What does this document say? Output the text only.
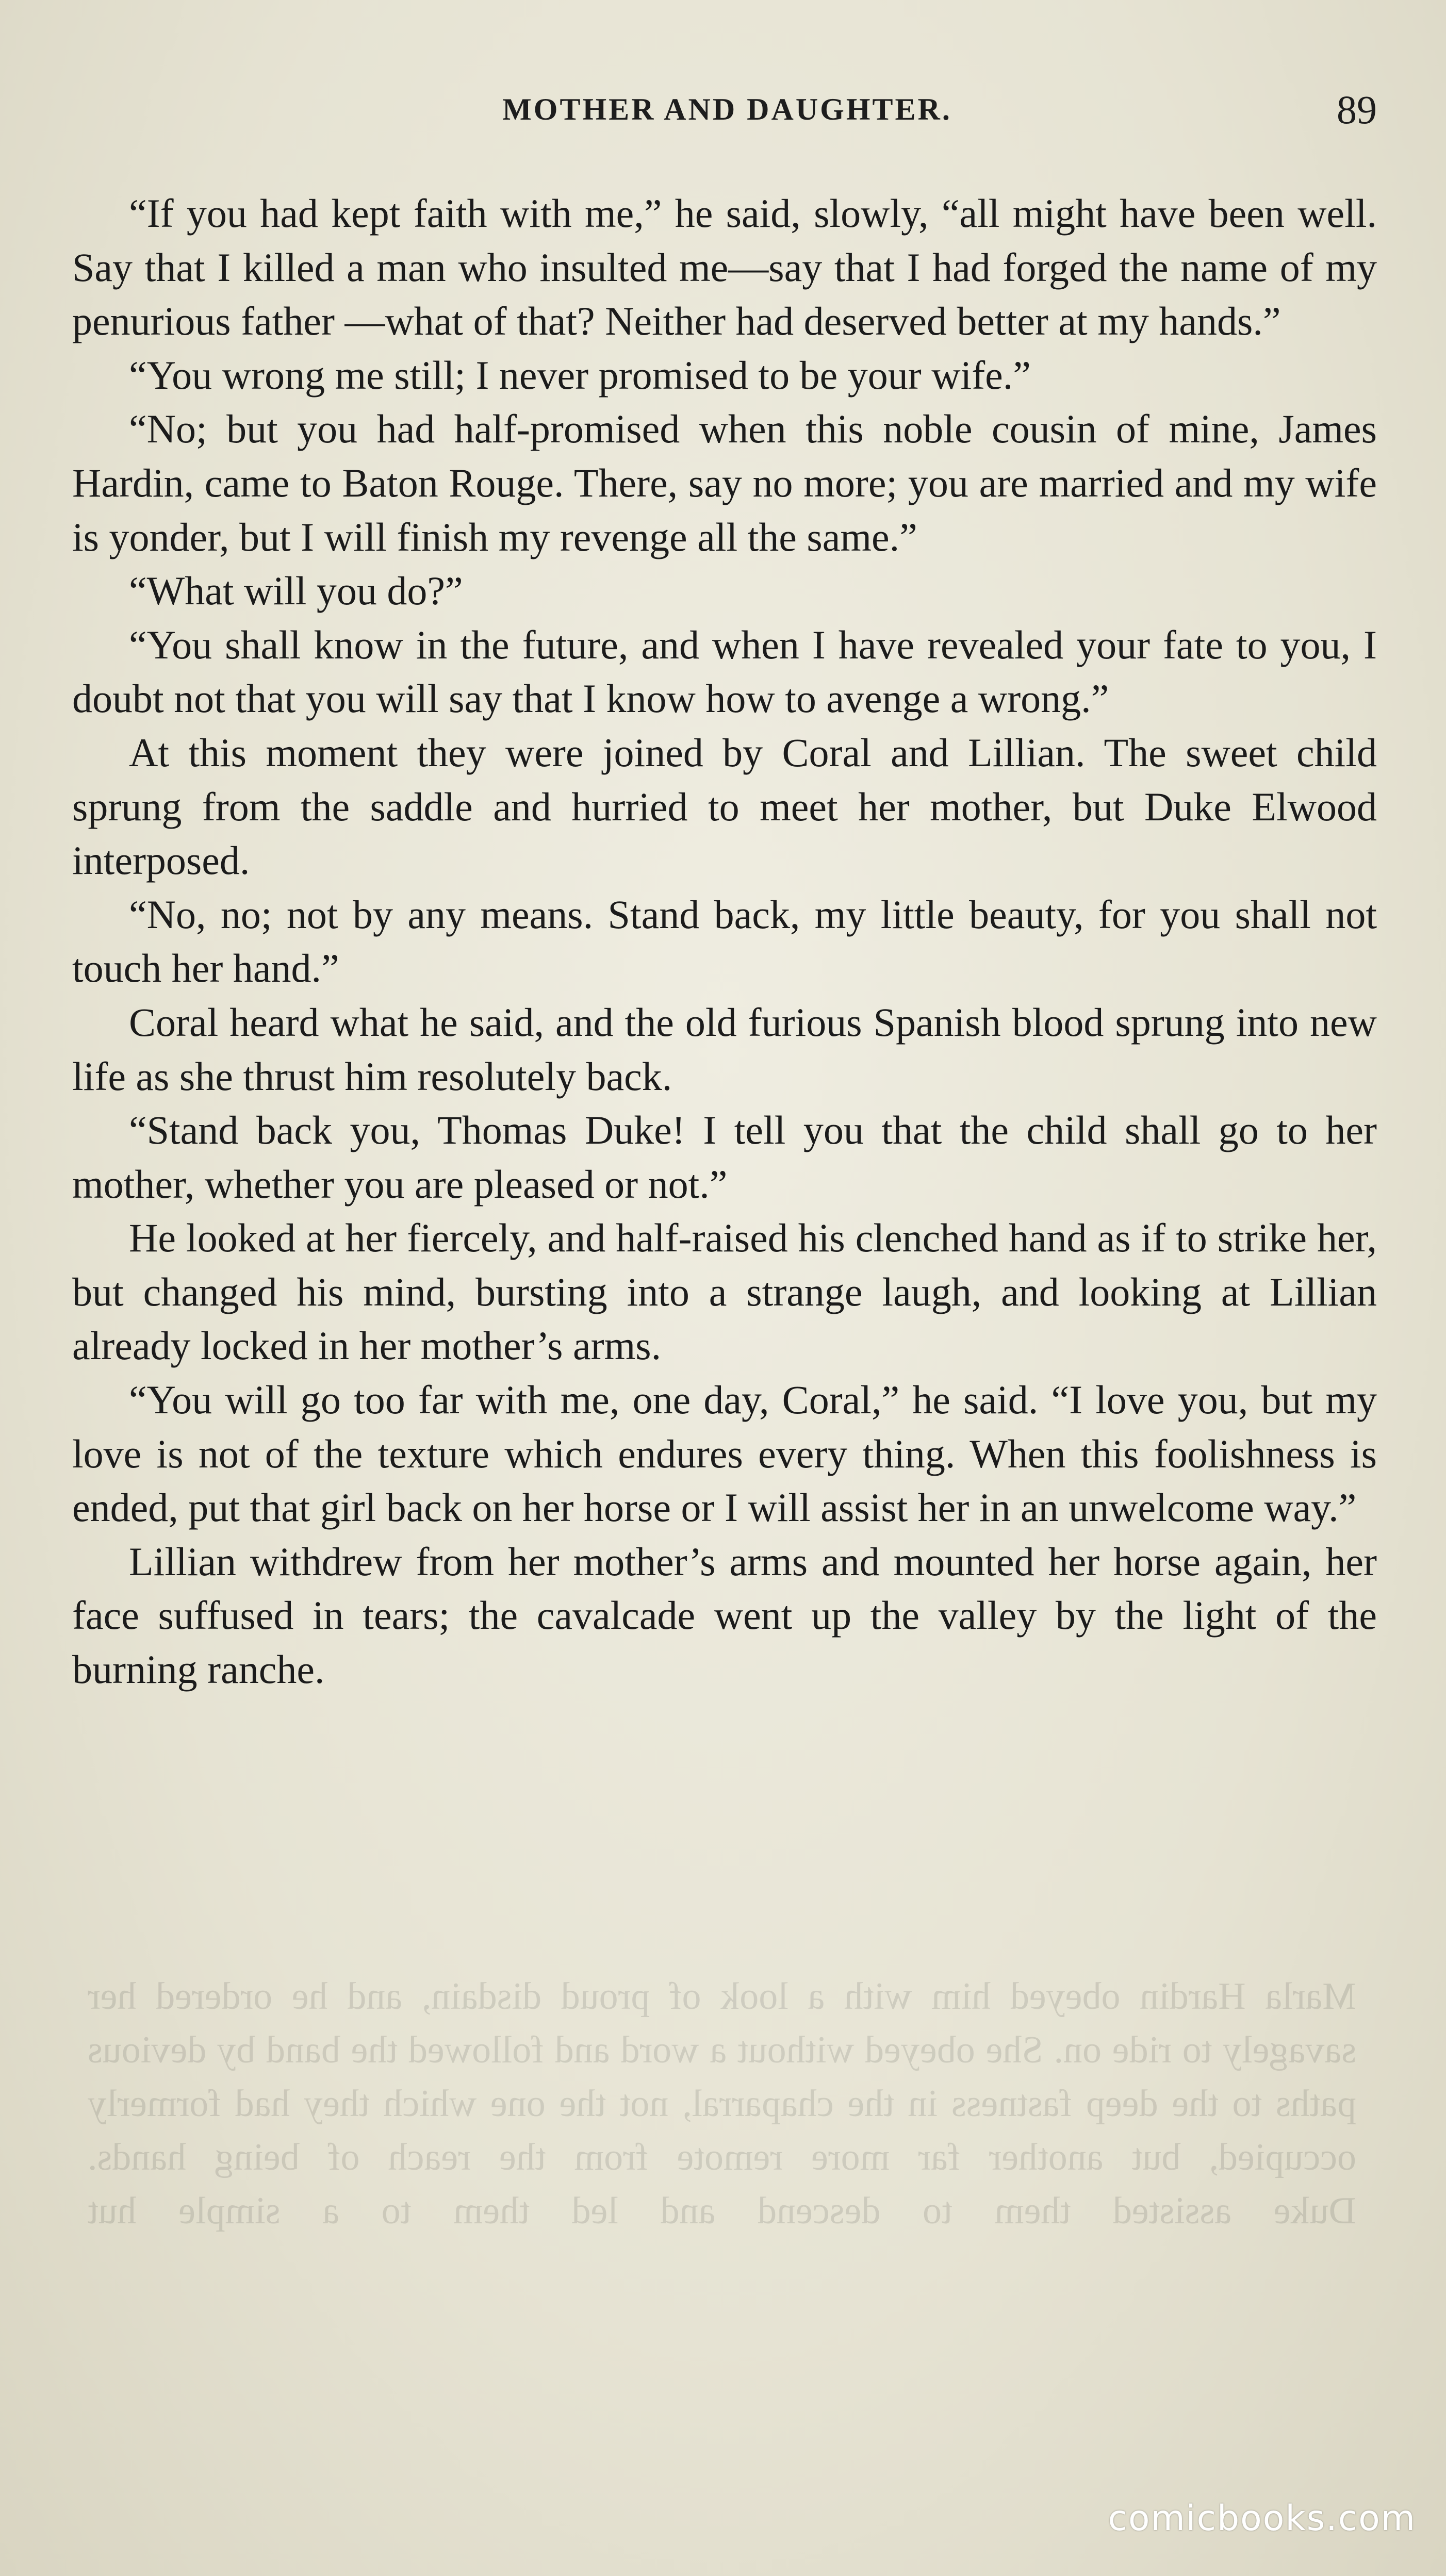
Marla Hardin obeyed him with a look of proud disdain, and he ordered her savagely to ride on. She obeyed without a word and followed the band by devious paths to the deep fastness in the chaparral, not the one which they had formerly occupied, but another far more remote from the reach of being hands.

Duke assisted them to descend and led them to a simple hut

MOTHER AND DAUGHTER.	89

“If you had kept faith with me,” he said, slowly, “all might have been well. Say that I killed a man who insulted me—say that I had forged the name of my penurious father —what of that? Neither had deserved better at my hands.”

“You wrong me still; I never promised to be your wife.”

“No; but you had half-promised when this noble cousin of mine, James Hardin, came to Baton Rouge. There, say no more; you are married and my wife is yonder, but I will finish my revenge all the same.”

“What will you do?”

“You shall know in the future, and when I have revealed your fate to you, I doubt not that you will say that I know how to avenge a wrong.”

At this moment they were joined by Coral and Lillian. The sweet child sprung from the saddle and hurried to meet her mother, but Duke Elwood interposed.

“No, no; not by any means. Stand back, my little beauty, for you shall not touch her hand.”

Coral heard what he said, and the old furious Spanish blood sprung into new life as she thrust him resolutely back.

“Stand back you, Thomas Duke! I tell you that the child shall go to her mother, whether you are pleased or not.”

He looked at her fiercely, and half-raised his clenched hand as if to strike her, but changed his mind, bursting into a strange laugh, and looking at Lillian already locked in her mother’s arms.

“You will go too far with me, one day, Coral,” he said. “I love you, but my love is not of the texture which endures every thing. When this foolishness is ended, put that girl back on her horse or I will assist her in an unwelcome way.”

Lillian withdrew from her mother’s arms and mounted her horse again, her face suffused in tears; the cavalcade went up the valley by the light of the burning ranche.

comicbooks.com
